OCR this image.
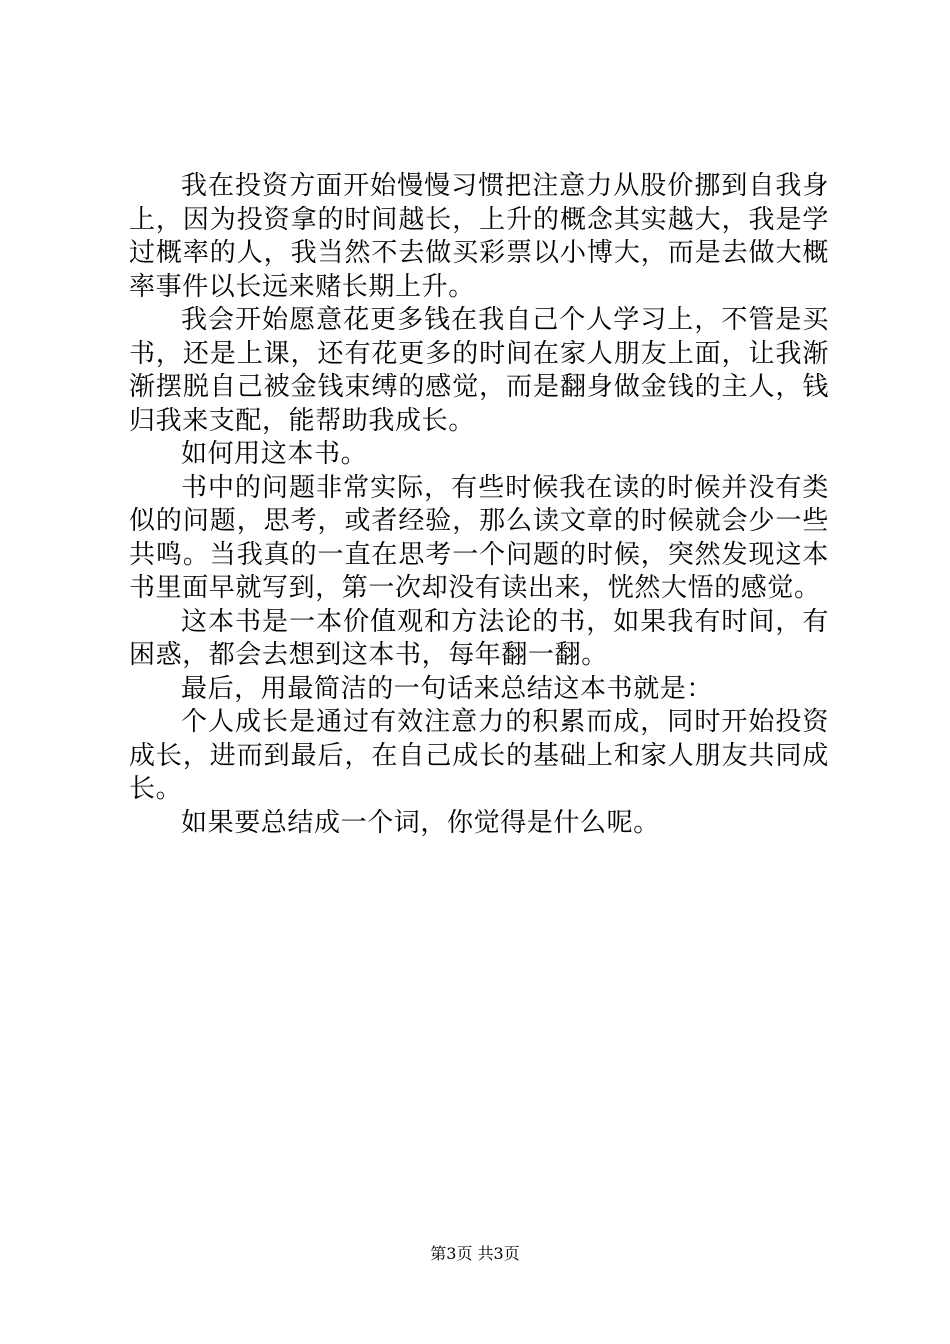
我在投资方面开始慢慢习惯把注意力从股价挪到自我身上，因为投资拿的时间越长，上升的概念其实越大，我是学过概率的人，我当然不去做买彩票以小博大，而是去做大概率事件以长远来赌长期上升。

我会开始愿意花更多钱在我自己个人学习上，不管是买书，还是上课，还有花更多的时间在家人朋友上面，让我渐渐摆脱自己被金钱束缚的感觉，而是翻身做金钱的主人，钱归我来支配，能帮助我成长。

如何用这本书。

书中的问题非常实际，有些时候我在读的时候并没有类似的问题，思考，或者经验，那么读文章的时候就会少一些共鸣。当我真的一直在思考一个问题的时候，突然发现这本书里面早就写到，第一次却没有读出来，恍然大悟的感觉。

这本书是一本价值观和方法论的书，如果我有时间，有困惑，都会去想到这本书，每年翻一翻。

最后，用最简洁的一句话来总结这本书就是：

个人成长是通过有效注意力的积累而成，同时开始投资成长，进而到最后，在自己成长的基础上和家人朋友共同成长。

如果要总结成一个词，你觉得是什么呢。

第3页 共3页
